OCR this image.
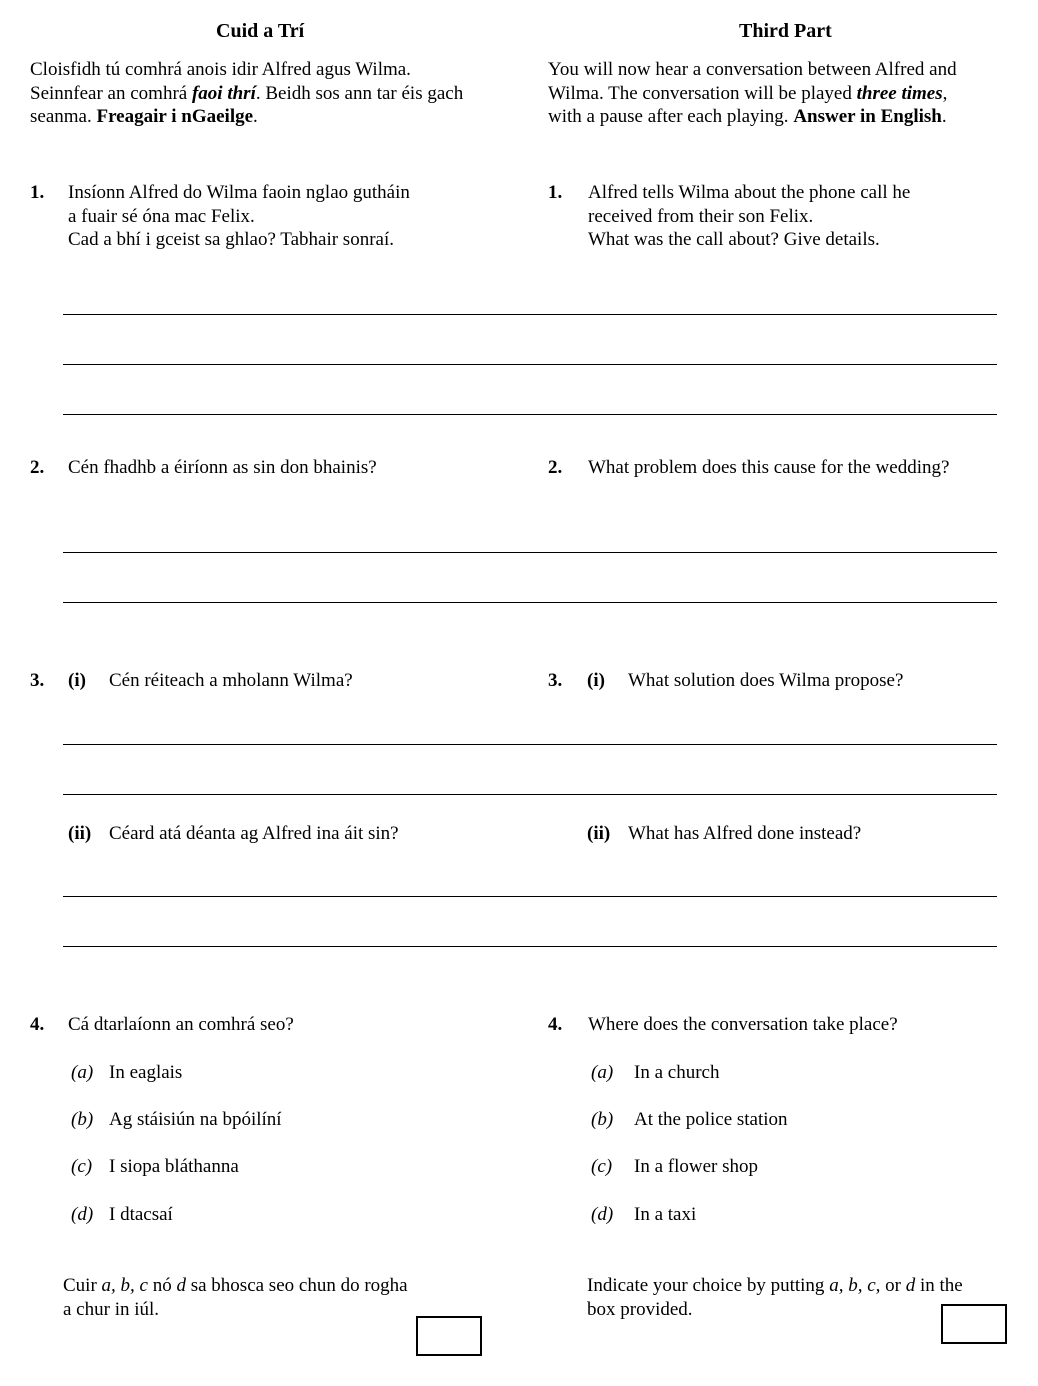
Cuid a Trí	Third Part
Cloisfidh tú comhrá anois idir Alfred agus Wilma.
Seinnfear an comhrá faoi thrí. Beidh sos ann tar éis gach
seanma. Freagair i nGaeilge.
You will now hear a conversation between Alfred and
Wilma. The conversation will be played three times,
with a pause after each playing. Answer in English.
1. Insíonn Alfred do Wilma faoin nglao gutháin
a fuair sé óna mac Felix.
Cad a bhí i gceist sa ghlao? Tabhair sonraí.
1. Alfred tells Wilma about the phone call he
received from their son Felix.
What was the call about? Give details.
2. Cén fhadhb a éiríonn as sin don bhainis?	2. What problem does this cause for the wedding?
3. (i) Cén réiteach a mholann Wilma?	3. (i) What solution does Wilma propose?
(ii) Céard atá déanta ag Alfred ina áit sin?	(ii) What has Alfred done instead?
4. Cá dtarlaíonn an comhrá seo?	4. Where does the conversation take place?
(a) In eaglais
(b) Ag stáisiún na bpóilíní
(c) I siopa bláthanna
(d) I dtacsaí
(a) In a church
(b) At the police station
(c) In a flower shop
(d) In a taxi
Cuir a, b, c nó d sa bhosca seo chun do rogha
a chur in iúl.
Indicate your choice by putting a, b, c, or d in the
box provided.
